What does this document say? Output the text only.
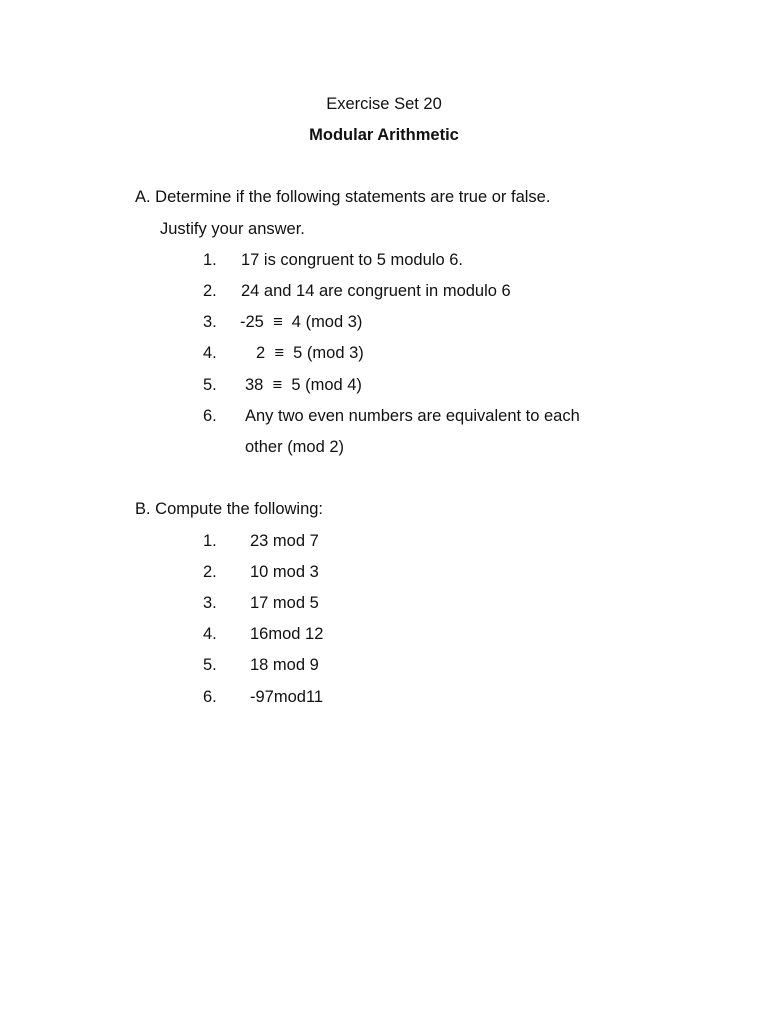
Exercise Set 20
Modular Arithmetic
A. Determine if the following statements are true or false.
Justify your answer.
1. 17 is congruent to 5 modulo 6.
2. 24 and 14 are congruent in modulo 6
3. -25  ≡  4 (mod 3)
4. 2  ≡  5 (mod 3)
5. 38  ≡  5 (mod 4)
6. Any two even numbers are equivalent to each
other (mod 2)
B. Compute the following:
1. 23 mod 7
2. 10 mod 3
3. 17 mod 5
4. 16mod 12
5. 18 mod 9
6. -97mod11
